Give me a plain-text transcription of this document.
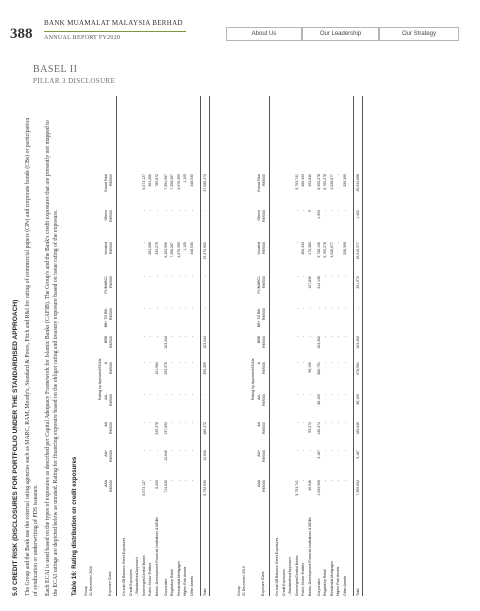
388
BANK MUAMALAT MALAYSIA BERHAD
ANNUAL REPORT FY2020
About Us	Our Leadership	Our Strategy
BASEL II
PILLAR 3 DISCLOSURE
5.0 CREDIT RISK (DISCLOSURES FOR PORTFOLIO UNDER THE STANDARDISED APPROACH) The Group and the Bank use the external rating agencies such as MARC, RAM, Moody's, Standard & Poors, Fitch and R&I for rating of commercial papers (CPs) and corporate bonds (CBs) or participation of syndication or underwriting of PDS issuance. Each ECAI is used based on the types of exposures as described per Capital Adequacy Framework for Islamic Banks (CAFIB). The Group's and the Bank's credit exposures that are presently not mapped to the ECAI ratings are depicted below as unrated. Rating for financing exposure based on the obligor rating and treasury exposure based on issue rating of the exposure. Table 16: Rating distribution on credit exposures Group 31 December 2020
Rating by Approved ECAIs
Exposure Class
AAA RM'000
AA+ RM'000
AA RM'000
AA- RM'000
A RM'000
BBB RM'000
BB+ TO BB- RM'000
P1/MARC1 RM'000
Unrated RM'000
Others RM'000
Grand Total RM'000
On and Off Balance Sheet Exposures Credit Exposures - Standardised Approach Sovereigns/Central Banks
6,073,127
-
-
-
-
-
-
-
-
-
6,073,127
Public Sector Entities
-
-
-
-
-
-
-
-
264,266
-
264,266
Banks, Development Financial Institutions & MDBs
5,203
-
349,378
-
101,984
-
-
-
333,275
-
789,872
Corporates
714,630
12,640
137,092
-
293,375
103,344
-
-
6,293,906
-
7,554,987
Regulatory Retail
-
-
-
-
-
-
-
-
7,258,267
-
7,258,267
Residential Mortgages
-
-
-
-
-
-
-
-
4,676,399
-
4,676,399
Higher Risk Assets
-
-
-
-
-
-
-
-
1,105
-
1,105
Other Assets
-
-
-
-
-
-
-
-
448,530
-
448,530
Total
6,792,930
12,640
486,472
-
395,359
103,344
-
-
19,275,662
-
27,066,473
Group 31 December 2019
Rating by Approved ECAIs
Exposure Class
AAA RM'000
AA+ RM'000
AA RM'000
AA- RM'000
A RM'000
BBB RM'000
BB+ TO BB- RM'000
P1/MARC1 RM'000
Unrated RM'000
Others RM'000
Grand Total RM'000
On and Off Balance Sheet Exposures Credit Exposures - Standardised Approach Sovereigns/Central Banks
5,793,741
-
-
-
-
-
-
-
-
-
5,793,741
Public Sector Entities
-
-
-
-
-
-
-
-
266,433
-
266,433
Banks, Development Financial Institutions & MDBs
40,946
-
55,272
-
98,190
-
-
107,830
170,383
9
493,840
Corporates
1,534,965
3,187
130,374
38,109
580,791
103,362
-
214,136
3,728,130
1,393
6,392,278
Regulatory Retail
-
-
-
-
-
-
-
-
6,765,278
-
6,765,278
Residential Mortgages
-
-
-
-
-
-
-
-
4,028,677
-
4,028,677
Higher Risk Assets
-
-
-
-
-
-
-
-
-
-
-
Other Assets
-
-
-
-
-
-
-
-
526,399
-
526,399
Total
7,369,652
3,187
185,646
38,109
678,981
103,362
-
321,972
15,616,377
1,402
25,944,688
